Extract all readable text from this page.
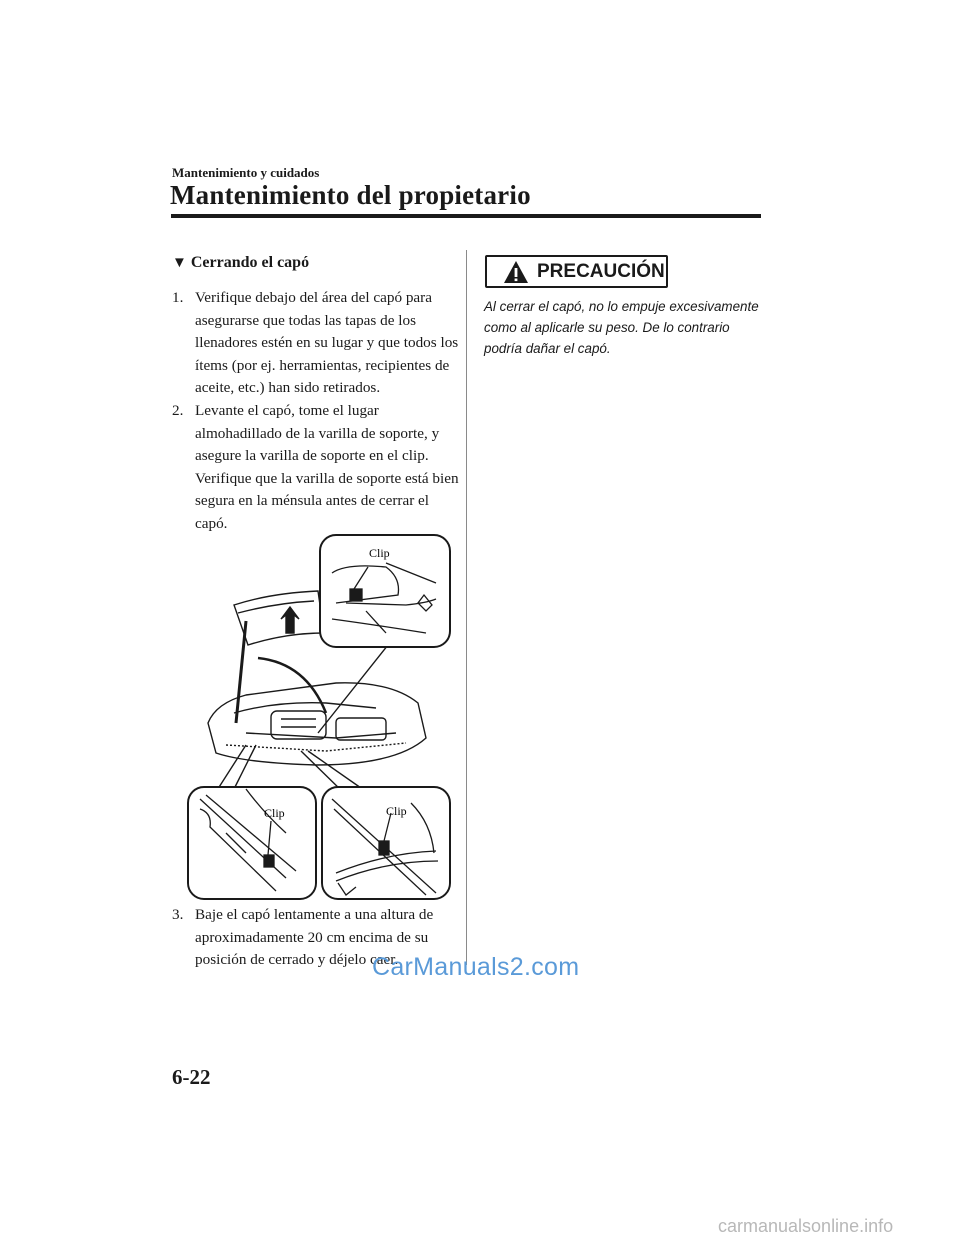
Mantenimiento y cuidados
Mantenimiento del propietario
▼ Cerrando el capó
1. Verifique debajo del área del capó para asegurarse que todas las tapas de los llenadores estén en su lugar y que todos los ítems (por ej. herramientas, recipientes de aceite, etc.) han sido retirados.
2. Levante el capó, tome el lugar almohadillado de la varilla de soporte, y asegure la varilla de soporte en el clip. Verifique que la varilla de soporte está bien segura en la ménsula antes de cerrar el capó.
3. Baje el capó lentamente a una altura de aproximadamente 20 cm encima de su posición de cerrado y déjelo caer.
Clip
Clip	Clip
PRECAUCIÓN
Al cerrar el capó, no lo empuje excesivamente como al aplicarle su peso. De lo contrario podría dañar el capó.
CarManuals2.com
6-22
carmanualsonline.info
